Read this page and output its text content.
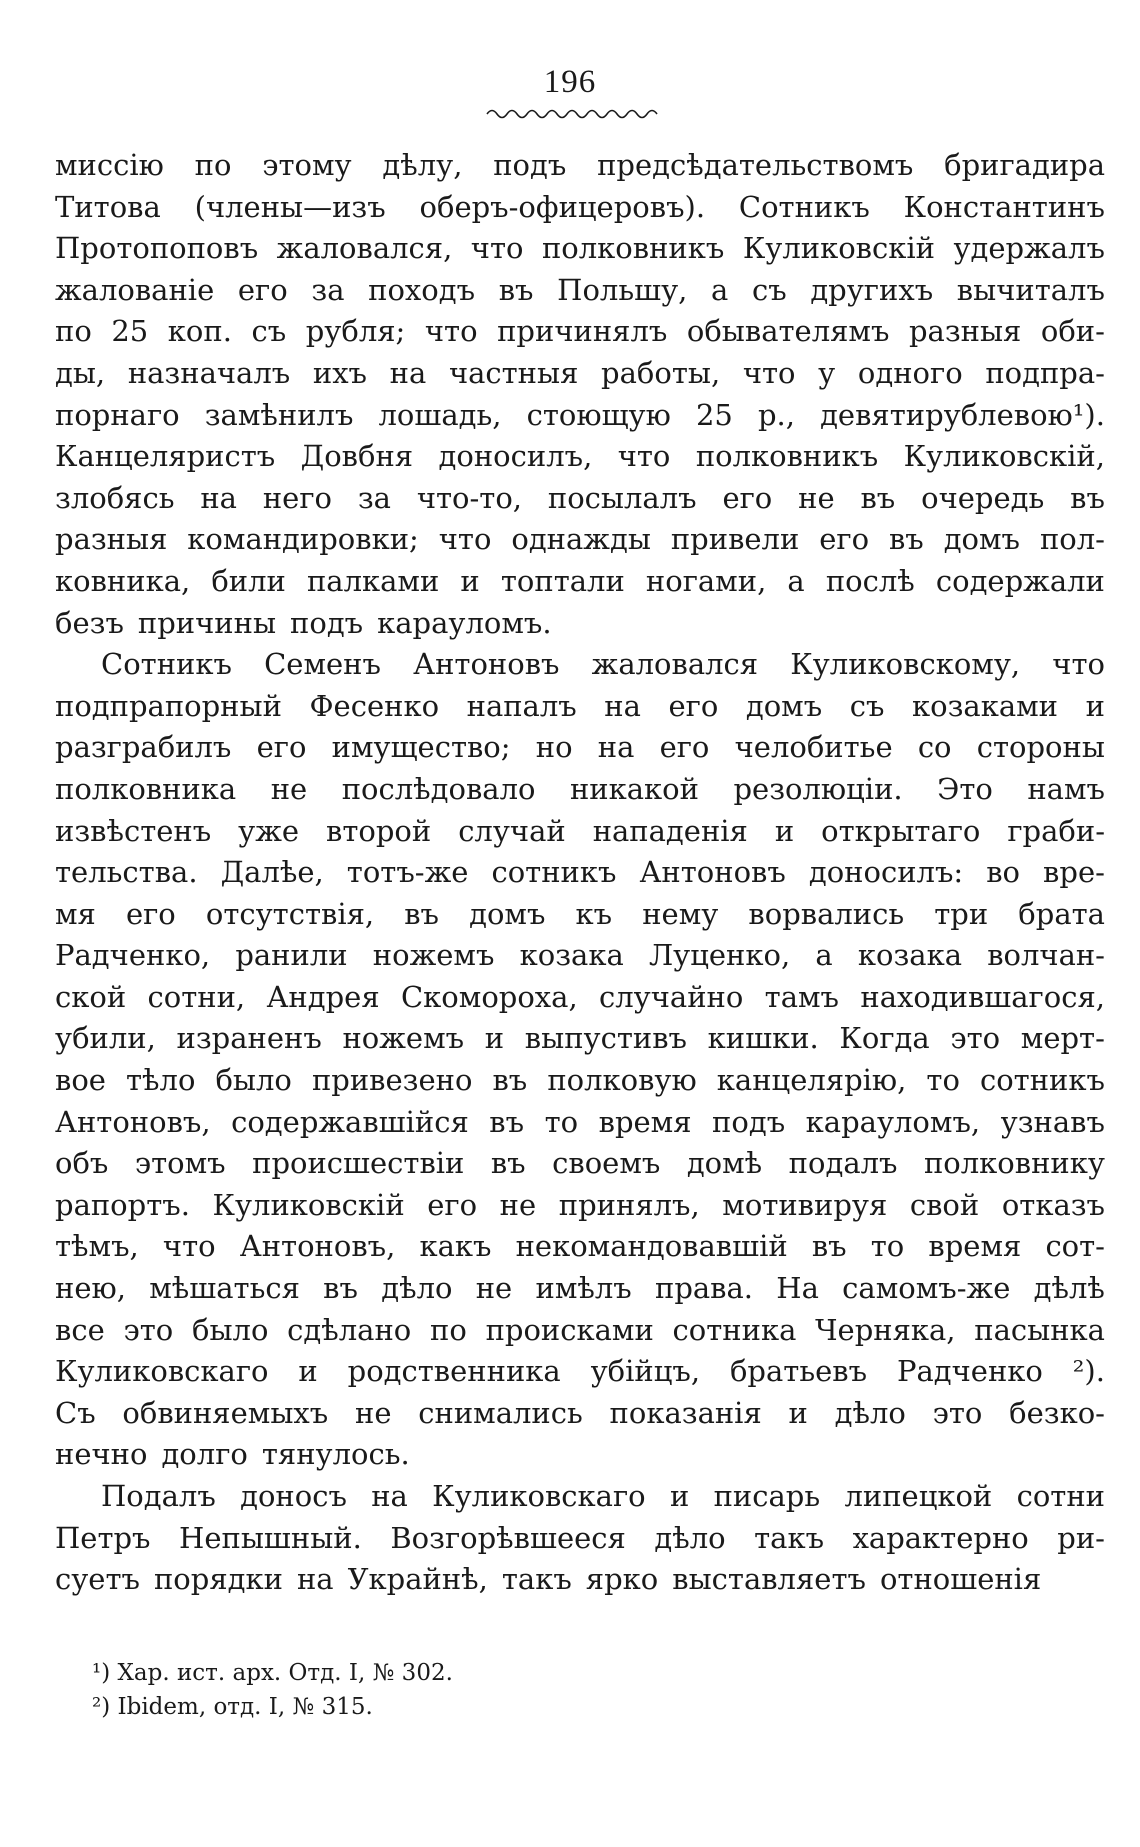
196
миссію по этому дѣлу, подъ предсѣдательствомъ бригадира
Титова (члены—изъ оберъ-офицеровъ). Сотникъ Константинъ
Протопоповъ жаловался, что полковникъ Куликовскій удержалъ
жалованіе его за походъ въ Польшу, а съ другихъ вычиталъ
по 25 коп. съ рубля; что причинялъ обывателямъ разныя оби-
ды, назначалъ ихъ на частныя работы, что у одного подпра-
порнаго замѣнилъ лошадь, стоющую 25 р., девятирублевою¹).
Канцеляристъ Довбня доносилъ, что полковникъ Куликовскій,
злобясь на него за что-то, посылалъ его не въ очередь въ
разныя командировки; что однажды привели его въ домъ пол-
ковника, били палками и топтали ногами, а послѣ содержали
безъ причины подъ карауломъ.
Сотникъ Семенъ Антоновъ жаловался Куликовскому, что
подпрапорный Фесенко напалъ на его домъ съ козаками и
разграбилъ его имущество; но на его челобитье со стороны
полковника не послѣдовало никакой резолюціи. Это намъ
извѣстенъ уже второй случай нападенія и открытаго граби-
тельства. Далѣе, тотъ-же сотникъ Антоновъ доносилъ: во вре-
мя его отсутствія, въ домъ къ нему ворвались три брата
Радченко, ранили ножемъ козака Луценко, а козака волчан-
ской сотни, Андрея Скоморохa, случайно тамъ находившагося,
убили, израненъ ножемъ и выпустивъ кишки. Когда это мерт-
вое тѣло было привезено въ полковую канцелярію, то сотникъ
Антоновъ, содержавшійся въ то время подъ карауломъ, узнавъ
объ этомъ происшествіи въ своемъ домѣ подалъ полковнику
рапортъ. Куликовскій его не принялъ, мотивируя свой отказъ
тѣмъ, что Антоновъ, какъ некомандовавшій въ то время сот-
нею, мѣшаться въ дѣло не имѣлъ права. На самомъ-же дѣлѣ
все это было сдѣлано по происками сотника Черняка, пасынка
Куликовскаго и родственника убійцъ, братьевъ Радченко ²).
Съ обвиняемыхъ не снимались показанія и дѣло это безко-
нечно долго тянулось.
Подалъ доносъ на Куликовскаго и писарь липецкой сотни
Петръ Непышный. Возгорѣвшееся дѣло такъ характерно ри-
суетъ порядки на Украйнѣ, такъ ярко выставляетъ отношенія
¹) Хар. ист. арх. Отд. I, № 302.
²) Ibidem, отд. I, № 315.
